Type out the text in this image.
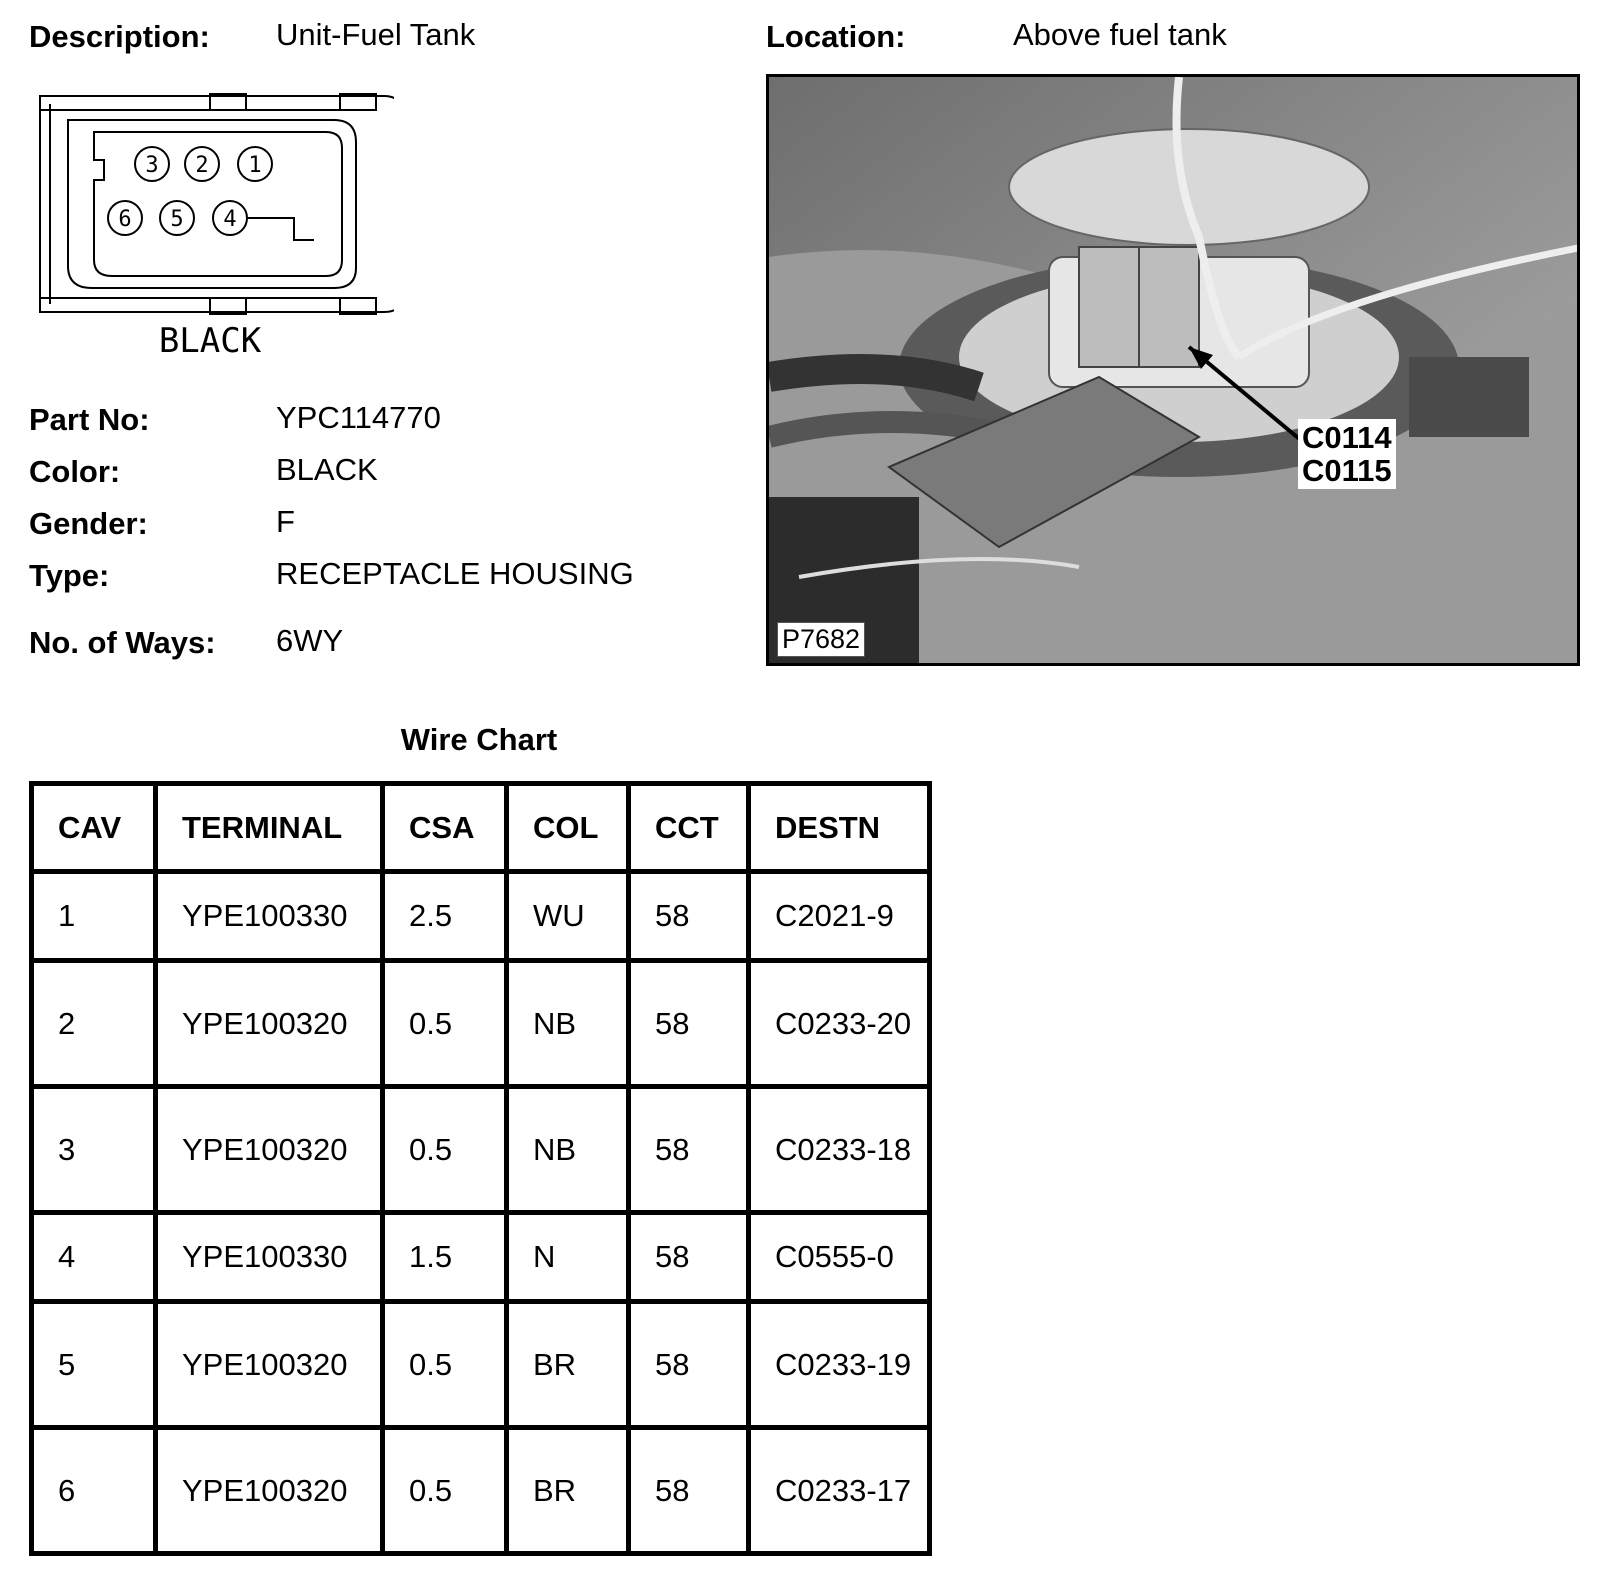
Description: Unit-Fuel Tank	Location:	Above fuel tank
3 2 1
6 5 4
BLACK
Part No:	YPC114770
Color:	BLACK
Gender:	F
Type:	RECEPTACLE HOUSING
No. of Ways: 6WY
C0114
C0115
P7682
Wire Chart
CAV	TERMINAL	CSA	COL	CCT	DESTN
1	YPE100330	2.5	WU	58	C2021-9
2	YPE100320	0.5	NB	58	C0233-20
3	YPE100320	0.5	NB	58	C0233-18
4	YPE100330	1.5	N	58	C0555-0
5	YPE100320	0.5	BR	58	C0233-19
6	YPE100320	0.5	BR	58	C0233-17
